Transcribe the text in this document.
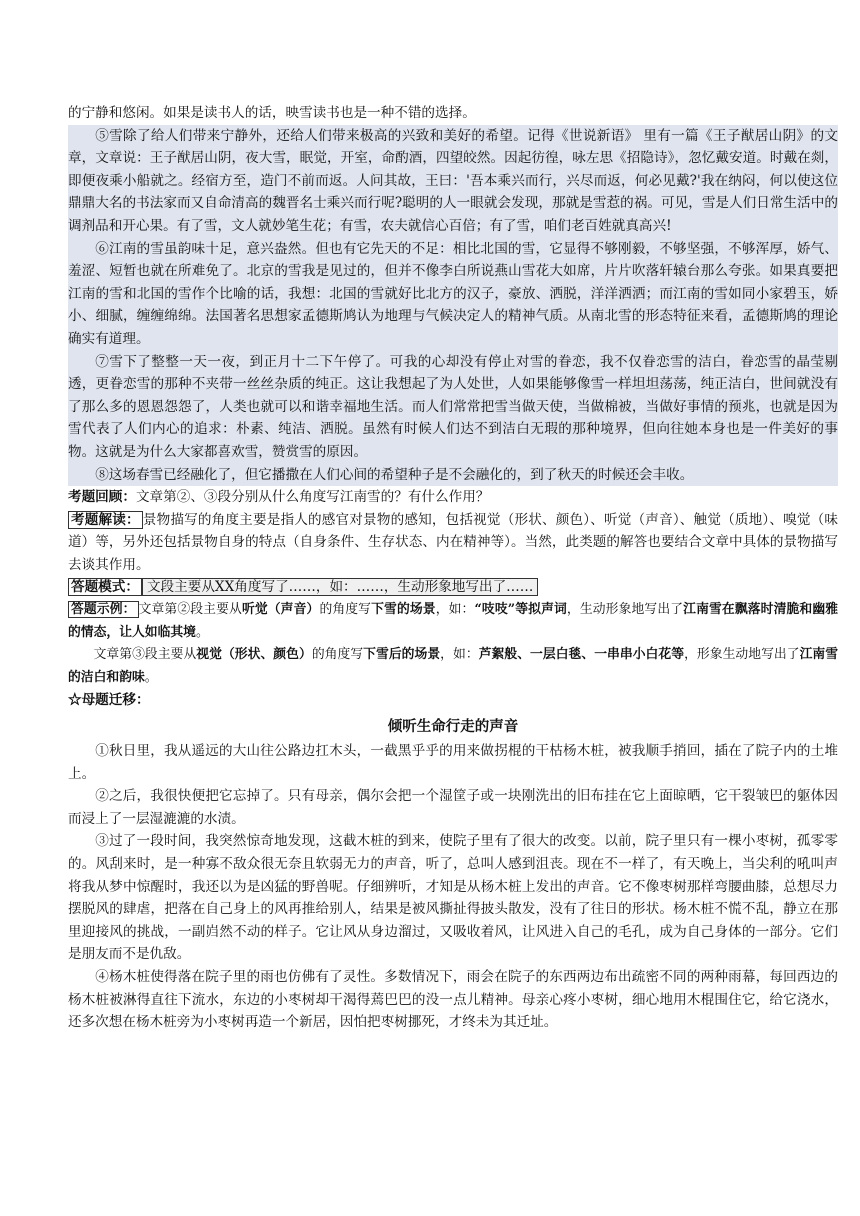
的宁静和悠闲。如果是读书人的话，映雪读书也是一种不错的选择。

⑤雪除了给人们带来宁静外，还给人们带来极高的兴致和美好的希望。记得《世说新语》 里有一篇《王子猷居山阴》的文章，文章说：王子猷居山阴，夜大雪，眠觉，开室，命酌酒，四望皎然。因起彷徨，咏左思《招隐诗》，忽忆戴安道。时戴在剡，即便夜乘小船就之。经宿方至，造门不前而返。人问其故，王曰：'吾本乘兴而行，兴尽而返，何必见戴?'我在纳闷，何以使这位鼎鼎大名的书法家而又自命清高的魏晋名士乘兴而行呢?聪明的人一眼就会发现，那就是雪惹的祸。可见，雪是人们日常生活中的调剂品和开心果。有了雪，文人就妙笔生花；有雪，农夫就信心百倍；有了雪，咱们老百姓就真高兴!

⑥江南的雪虽韵味十足，意兴盎然。但也有它先天的不足：相比北国的雪，它显得不够刚毅，不够坚强，不够浑厚，娇气、羞涩、短暂也就在所难免了。北京的雪我是见过的，但并不像李白所说燕山雪花大如席，片片吹落轩辕台那么夸张。如果真要把江南的雪和北国的雪作个比喻的话，我想：北国的雪就好比北方的汉子，豪放、洒脱，洋洋洒洒；而江南的雪如同小家碧玉，娇小、细腻，缠缠绵绵。法国著名思想家孟德斯鸠认为地理与气候决定人的精神气质。从南北雪的形态特征来看，孟德斯鸠的理论确实有道理。

⑦雪下了整整一天一夜，到正月十二下午停了。可我的心却没有停止对雪的眷恋，我不仅眷恋雪的洁白，眷恋雪的晶莹剔透，更眷恋雪的那种不夹带一丝丝杂质的纯正。这让我想起了为人处世，人如果能够像雪一样坦坦荡荡，纯正洁白，世间就没有了那么多的恩恩怨怨了，人类也就可以和谐幸福地生活。而人们常常把雪当做天使，当做棉被，当做好事情的预兆，也就是因为雪代表了人们内心的追求：朴素、纯洁、洒脱。虽然有时候人们达不到洁白无瑕的那种境界，但向往她本身也是一件美好的事物。这就是为什么大家都喜欢雪，赞赏雪的原因。

⑧这场春雪已经融化了，但它播撒在人们心间的希望种子是不会融化的，到了秋天的时候还会丰收。

考题回顾：文章第②、③段分别从什么角度写江南雪的？有什么作用？

考题解读： 景物描写的角度主要是指人的感官对景物的感知，包括视觉（形状、颜色）、听觉（声音）、触觉（质地）、嗅觉（味道）等，另外还包括景物自身的特点（自身条件、生存状态、内在精神等）。当然，此类题的解答也要结合文章中具体的景物描写去谈其作用。

答题模式： 文段主要从XX角度写了……，如：……，生动形象地写出了……

答题示例： 文章第②段主要从听觉（声音）的角度写下雪的场景，如：“吱吱”等拟声词，生动形象地写出了江南雪在飘落时清脆和幽雅的情态，让人如临其境。

文章第③段主要从视觉（形状、颜色）的角度写下雪后的场景，如：芦絮般、一层白毯、一串串小白花等，形象生动地写出了江南雪的洁白和韵味。

☆母题迁移：

倾听生命行走的声音

①秋日里，我从遥远的大山往公路边扛木头，一截黑乎乎的用来做拐棍的干枯杨木桩，被我顺手捎回，插在了院子内的土堆上。

②之后，我很快便把它忘掉了。只有母亲，偶尔会把一个湿筐子或一块刚洗出的旧布挂在它上面晾晒，它干裂皱巴的躯体因而浸上了一层湿漉漉的水渍。

③过了一段时间，我突然惊奇地发现，这截木桩的到来，使院子里有了很大的改变。以前，院子里只有一棵小枣树，孤零零的。风刮来时，是一种寡不敌众很无奈且软弱无力的声音，听了，总叫人感到沮丧。现在不一样了，有天晚上，当尖利的吼叫声将我从梦中惊醒时，我还以为是凶猛的野兽呢。仔细辨听，才知是从杨木桩上发出的声音。它不像枣树那样弯腰曲膝，总想尽力摆脱风的肆虐，把落在自己身上的风再推给别人，结果是被风撕扯得披头散发，没有了往日的形状。杨木桩不慌不乱，静立在那里迎接风的挑战，一副岿然不动的样子。它让风从身边溜过，又吸收着风，让风进入自己的毛孔，成为自己身体的一部分。它们是朋友而不是仇敌。

④杨木桩使得落在院子里的雨也仿佛有了灵性。多数情况下，雨会在院子的东西两边布出疏密不同的两种雨幕，每回西边的杨木桩被淋得直往下流水，东边的小枣树却干渴得蔫巴巴的没一点儿精神。母亲心疼小枣树，细心地用木棍围住它，给它浇水，还多次想在杨木桩旁为小枣树再造一个新居，因怕把枣树挪死，才终未为其迁址。
